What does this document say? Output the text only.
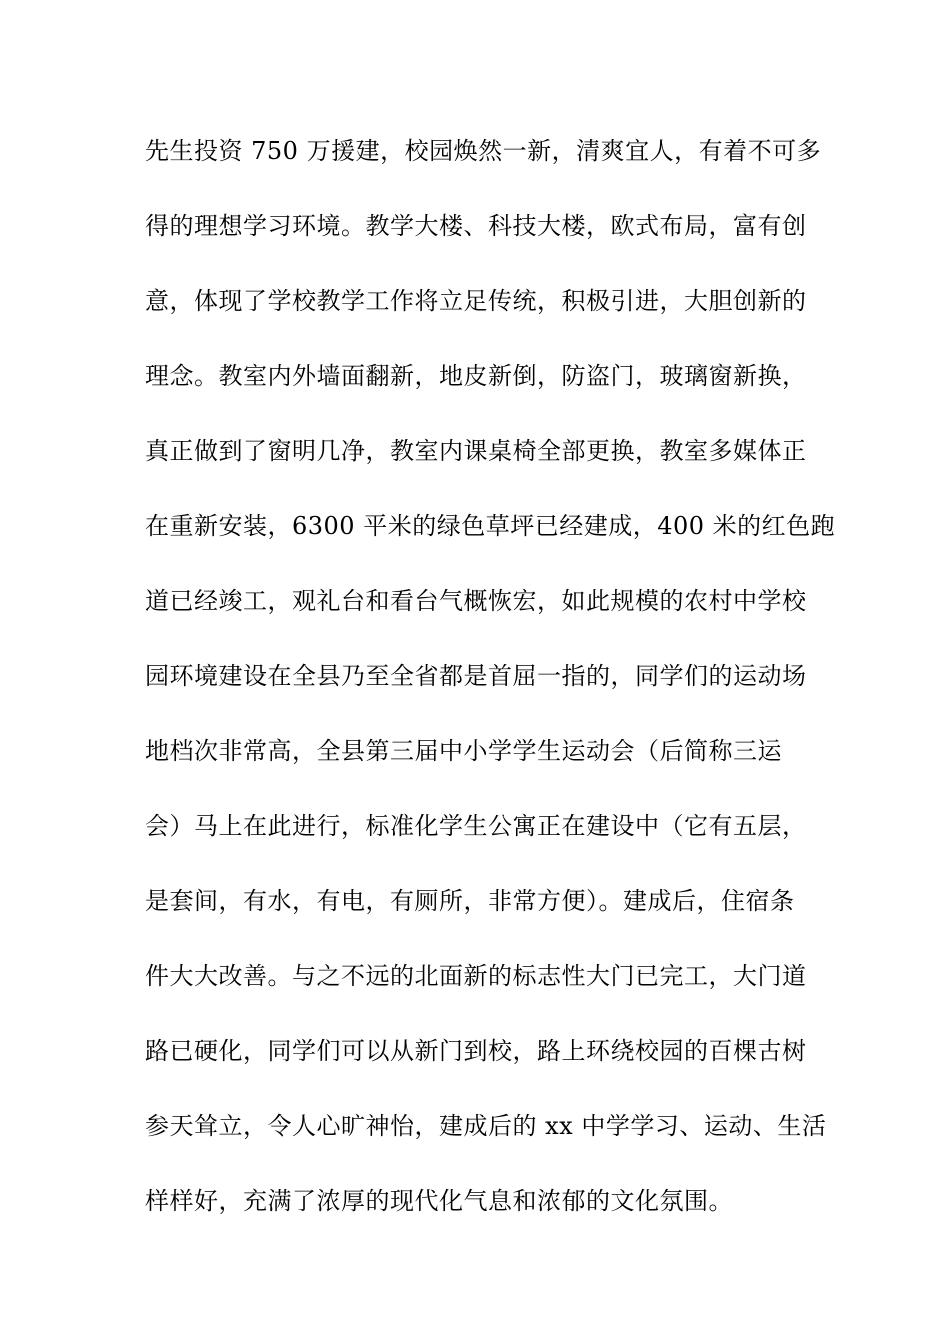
先生投资 750 万援建，校园焕然一新，清爽宜人，有着不可多
得的理想学习环境。教学大楼、科技大楼，欧式布局，富有创
意，体现了学校教学工作将立足传统，积极引进，大胆创新的
理念。教室内外墙面翻新，地皮新倒，防盗门，玻璃窗新换，
真正做到了窗明几净，教室内课桌椅全部更换，教室多媒体正
在重新安装，6300 平米的绿色草坪已经建成，400 米的红色跑
道已经竣工，观礼台和看台气概恢宏，如此规模的农村中学校
园环境建设在全县乃至全省都是首屈一指的，同学们的运动场
地档次非常高，全县第三届中小学学生运动会（后简称三运
会）马上在此进行，标准化学生公寓正在建设中（它有五层，
是套间，有水，有电，有厕所，非常方便）。建成后，住宿条
件大大改善。与之不远的北面新的标志性大门已完工，大门道
路已硬化，同学们可以从新门到校，路上环绕校园的百棵古树
参天耸立，令人心旷神怡，建成后的 xx 中学学习、运动、生活
样样好，充满了浓厚的现代化气息和浓郁的文化氛围。
